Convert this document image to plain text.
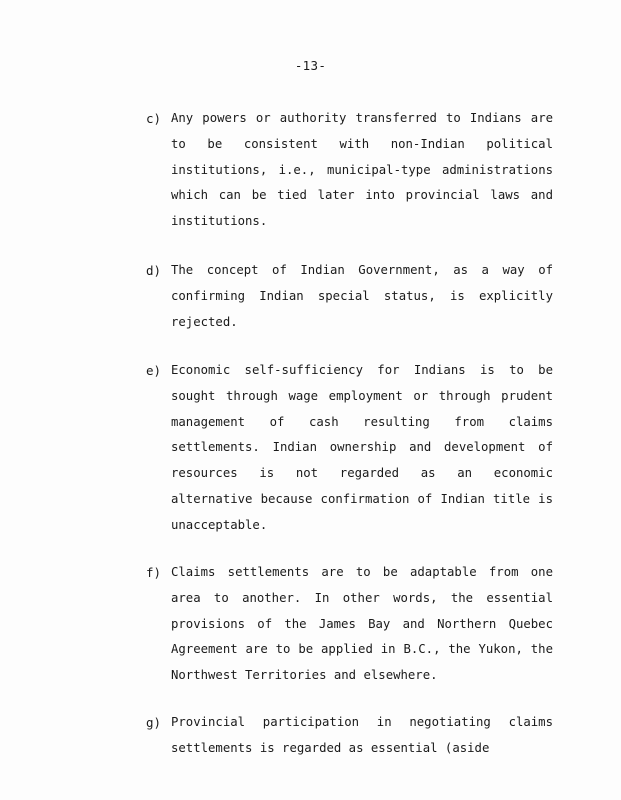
-13-
c) Any powers or authority transferred to Indians are
to be consistent with non-Indian political
institutions, i.e., municipal-type administrations
which can be tied later into provincial laws and
institutions.
d) The concept of Indian Government, as a way of
confirming Indian special status, is explicitly
rejected.
e) Economic self-sufficiency for Indians is to be
sought through wage employment or through prudent
management of cash resulting from claims
settlements. Indian ownership and development of
resources is not regarded as an economic
alternative because confirmation of Indian title is
unacceptable.
f) Claims settlements are to be adaptable from one
area to another. In other words, the essential
provisions of the James Bay and Northern Quebec
Agreement are to be applied in B.C., the Yukon, the
Northwest Territories and elsewhere.
g) Provincial participation in negotiating claims
settlements is regarded as essential (aside
